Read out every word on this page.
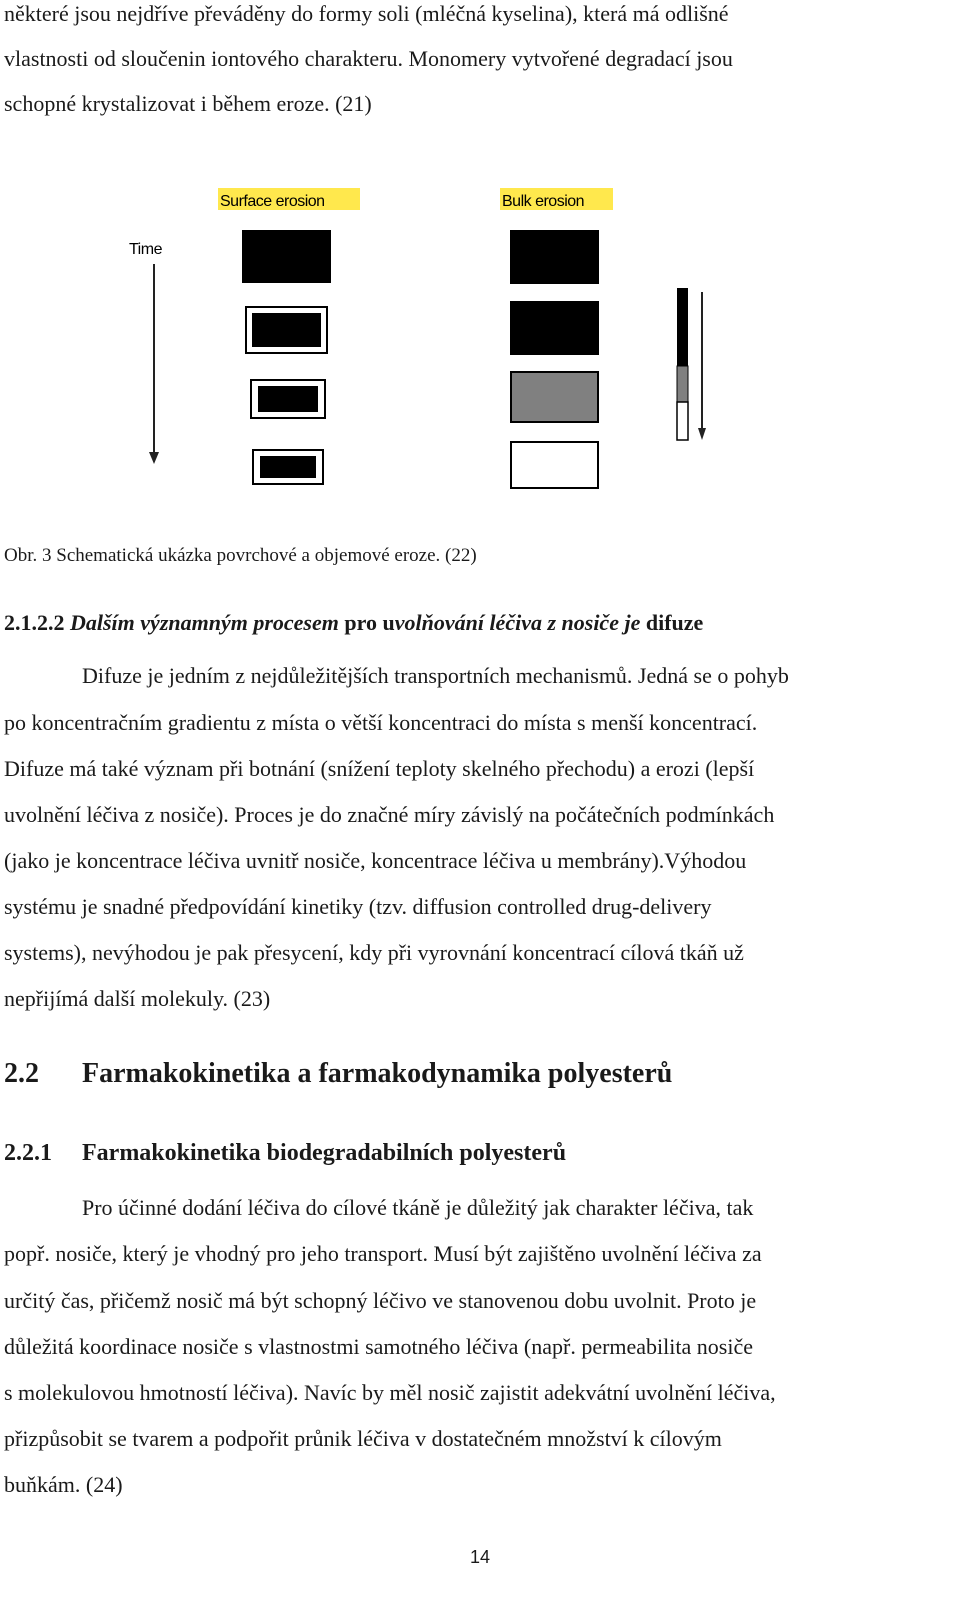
některé jsou nejdříve převáděny do formy soli (mléčná kyselina), která má odlišné
vlastnosti od sloučenin iontového charakteru. Monomery vytvořené degradací jsou
schopné krystalizovat i během eroze. (21)
Surface erosion	Bulk erosion
Time
Obr. 3 Schematická ukázka povrchové a objemové eroze. (22)
2.1.2.2 Dalším významným procesem pro uvolňování léčiva z nosiče je difuze
Difuze je jedním z nejdůležitějších transportních mechanismů. Jedná se o pohyb
po koncentračním gradientu z místa o větší koncentraci do místa s menší koncentrací.
Difuze má také význam při botnání (snížení teploty skelného přechodu) a erozi (lepší
uvolnění léčiva z nosiče). Proces je do značné míry závislý na počátečních podmínkách
(jako je koncentrace léčiva uvnitř nosiče, koncentrace léčiva u membrány).Výhodou
systému je snadné předpovídání kinetiky (tzv. diffusion controlled drug-delivery
systems), nevýhodou je pak přesycení, kdy při vyrovnání koncentrací cílová tkáň už
nepřijímá další molekuly. (23)
2.2 Farmakokinetika a farmakodynamika polyesterů
2.2.1 Farmakokinetika biodegradabilních polyesterů
Pro účinné dodání léčiva do cílové tkáně je důležitý jak charakter léčiva, tak
popř. nosiče, který je vhodný pro jeho transport. Musí být zajištěno uvolnění léčiva za
určitý čas, přičemž nosič má být schopný léčivo ve stanovenou dobu uvolnit. Proto je
důležitá koordinace nosiče s vlastnostmi samotného léčiva (např. permeabilita nosiče
s molekulovou hmotností léčiva). Navíc by měl nosič zajistit adekvátní uvolnění léčiva,
přizpůsobit se tvarem a podpořit průnik léčiva v dostatečném množství k cílovým
buňkám. (24)
14
